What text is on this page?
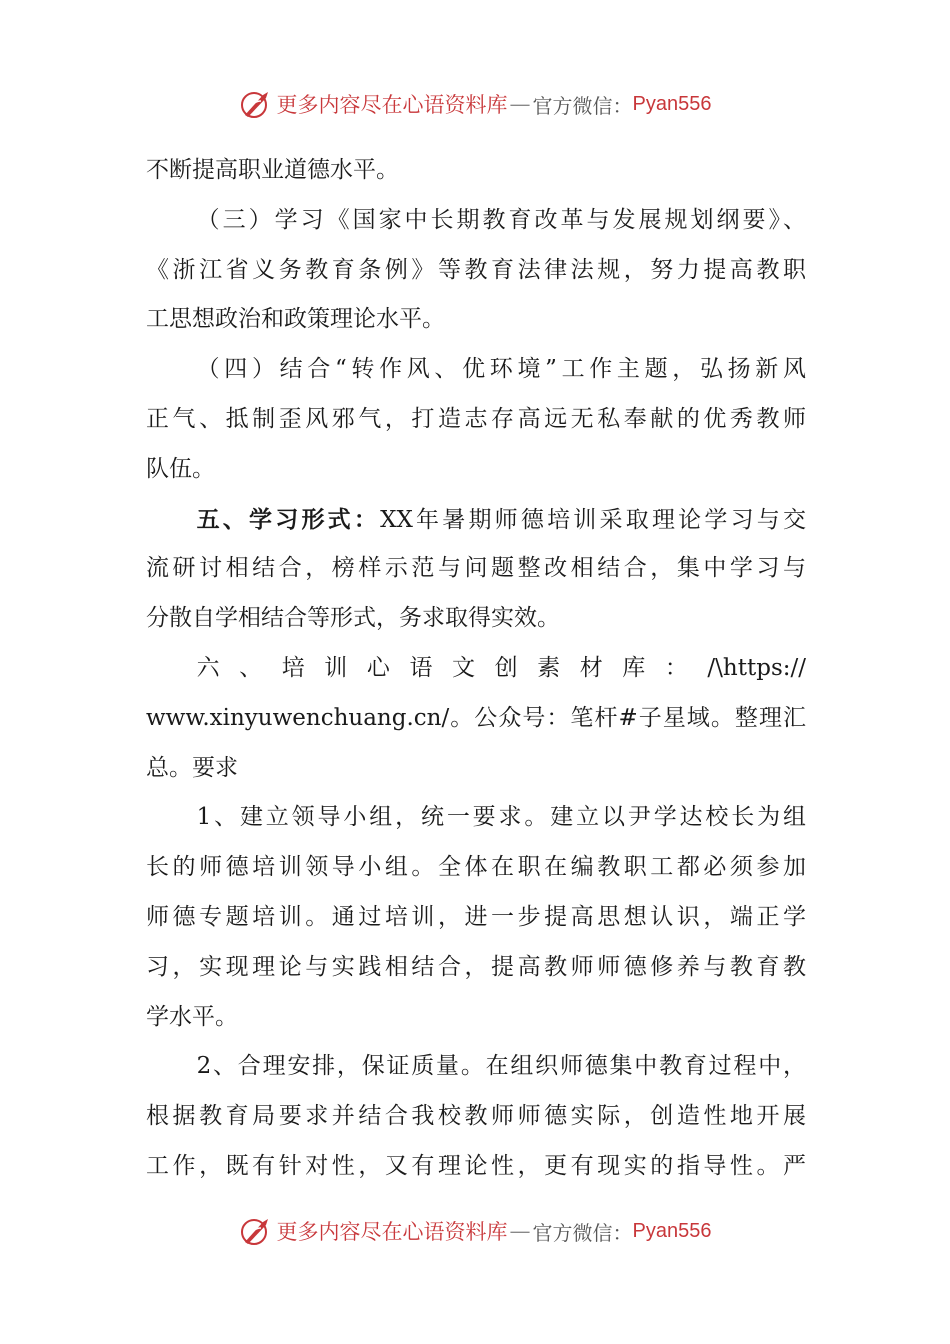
更多内容尽在心语资料库 — 官方微信： Pyan556
不断提高职业道德水平。
（三）学习《国家中长期教育改革与发展规划纲要》、
《浙江省义务教育条例》等教育法律法规，努力提高教职
工思想政治和政策理论水平。
（四）结合“转作风、优环境”工作主题，弘扬新风
正气、抵制歪风邪气，打造志存高远无私奉献的优秀教师
队伍。
五、学习形式：XX年暑期师德培训采取理论学习与交
流研讨相结合，榜样示范与问题整改相结合，集中学习与
分散自学相结合等形式，务求取得实效。
六、培训心语文创素材库：/\https://
www.xinyuwenchuang.cn/。公众号：笔杆#子星域。整理汇
总。要求
1、建立领导小组，统一要求。建立以尹学达校长为组
长的师德培训领导小组。全体在职在编教职工都必须参加
师德专题培训。通过培训，进一步提高思想认识，端正学
习，实现理论与实践相结合，提高教师师德修养与教育教
学水平。
2、合理安排，保证质量。在组织师德集中教育过程中，
根据教育局要求并结合我校教师师德实际，创造性地开展
工作，既有针对性，又有理论性，更有现实的指导性。严
更多内容尽在心语资料库 — 官方微信： Pyan556
